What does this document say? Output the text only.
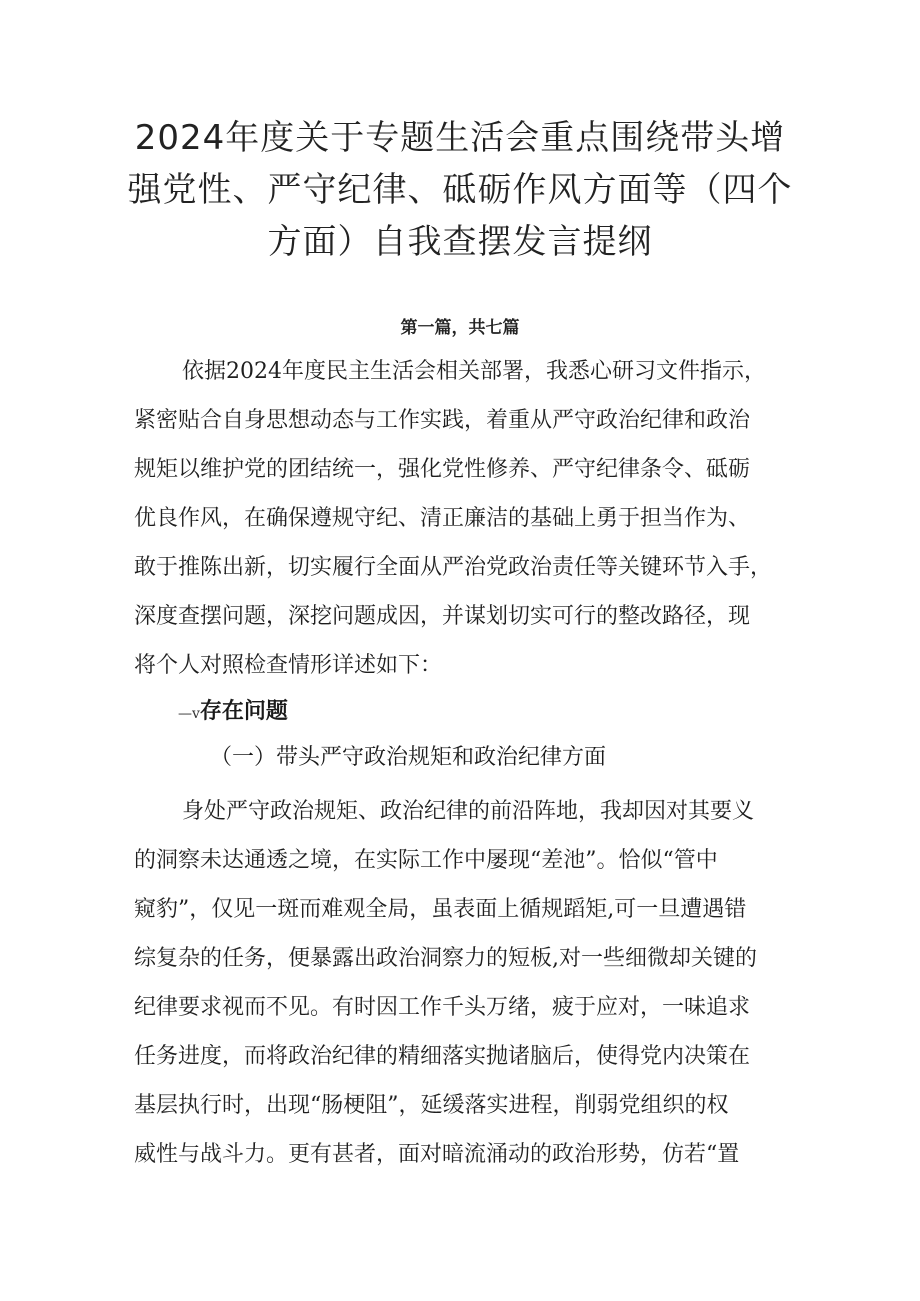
2024年度关于专题生活会重点围绕带头增
强党性、严守纪律、砥砺作风方面等（四个
方面）自我查摆发言提纲
第一篇，共七篇
依据2024年度民主生活会相关部署，我悉心研习文件指示，
紧密贴合自身思想动态与工作实践，着重从严守政治纪律和政治
规矩以维护党的团结统一，强化党性修养、严守纪律条令、砥砺
优良作风，在确保遵规守纪、清正廉洁的基础上勇于担当作为、
敢于推陈出新，切实履行全面从严治党政治责任等关键环节入手，
深度查摆问题，深挖问题成因，并谋划切实可行的整改路径，现
将个人对照检查情形详述如下：
—v存在问题
（一）带头严守政治规矩和政治纪律方面
身处严守政治规矩、政治纪律的前沿阵地，我却因对其要义
的洞察未达通透之境，在实际工作中屡现“差池”。恰似“管中
窥豹”，仅见一斑而难观全局，虽表面上循规蹈矩,可一旦遭遇错
综复杂的任务，便暴露出政治洞察力的短板,对一些细微却关键的
纪律要求视而不见。有时因工作千头万绪，疲于应对，一味追求
任务进度，而将政治纪律的精细落实抛诸脑后，使得党内决策在
基层执行时，出现“肠梗阻”，延缓落实进程，削弱党组织的权
威性与战斗力。更有甚者，面对暗流涌动的政治形势，仿若“置
